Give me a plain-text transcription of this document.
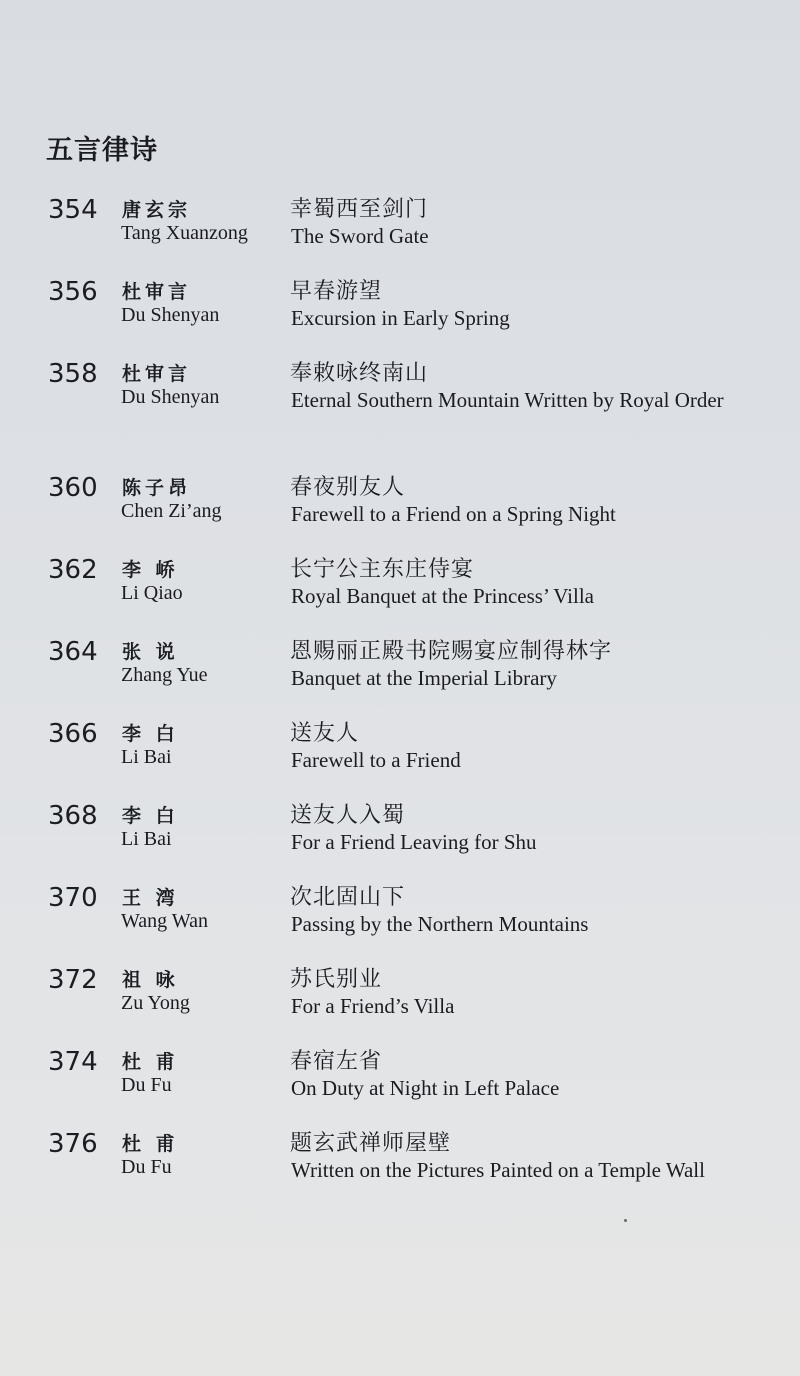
五言律诗
354 唐玄宗
Tang Xuanzong
幸蜀西至剑门
The Sword Gate
356 杜审言
Du Shenyan
早春游望
Excursion in Early Spring
358 杜审言
Du Shenyan
奉敕咏终南山
Eternal Southern Mountain Written by Royal Order
360 陈子昂
Chen Zi’ang
春夜别友人
Farewell to a Friend on a Spring Night
362 李 峤
Li Qiao
长宁公主东庄侍宴
Royal Banquet at the Princess’ Villa
364 张 说
Zhang Yue
恩赐丽正殿书院赐宴应制得林字
Banquet at the Imperial Library
366 李 白
Li Bai
送友人
Farewell to a Friend
368 李 白
Li Bai
送友人入蜀
For a Friend Leaving for Shu
370 王 湾
Wang Wan
次北固山下
Passing by the Northern Mountains
372 祖 咏
Zu Yong
苏氏别业
For a Friend’s Villa
374 杜 甫
Du Fu
春宿左省
On Duty at Night in Left Palace
376 杜 甫
Du Fu
题玄武禅师屋壁
Written on the Pictures Painted on a Temple Wall
